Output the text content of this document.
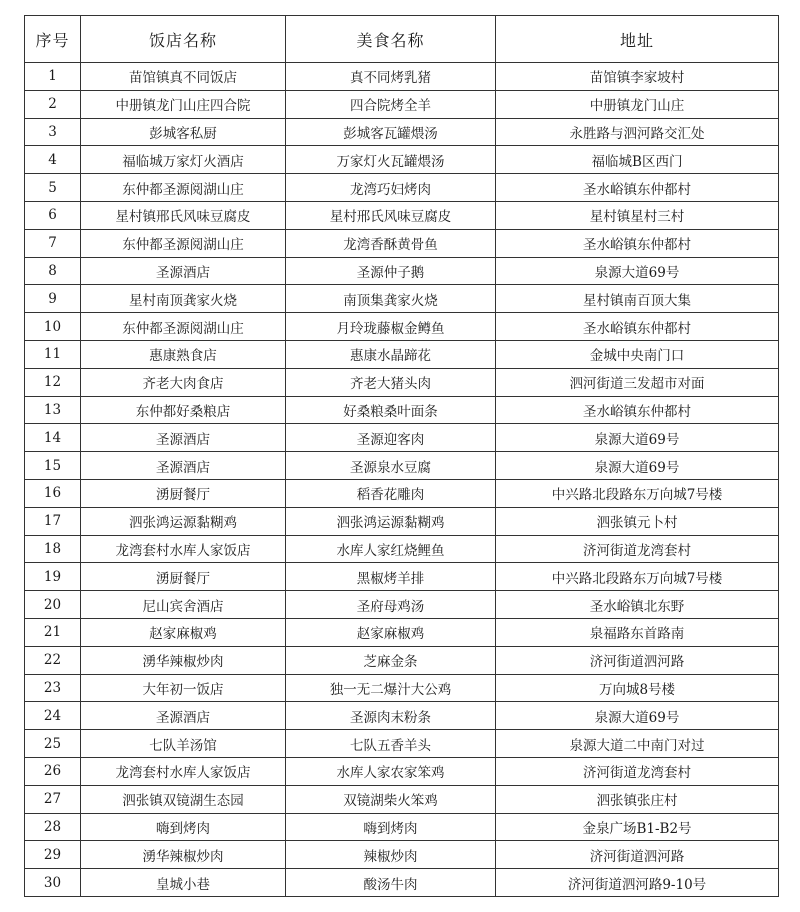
序号	饭店名称	美食名称	地址
1	苗馆镇真不同饭店	真不同烤乳猪	苗馆镇李家坡村
2	中册镇龙门山庄四合院	四合院烤全羊	中册镇龙门山庄
3	彭城客私厨	彭城客瓦罐煨汤	永胜路与泗河路交汇处
4	福临城万家灯火酒店	万家灯火瓦罐煨汤	福临城B区西门
5	东仲都圣源阅湖山庄	龙湾巧妇烤肉	圣水峪镇东仲都村
6	星村镇邢氏风味豆腐皮	星村邢氏风味豆腐皮	星村镇星村三村
7	东仲都圣源阅湖山庄	龙湾香酥黄骨鱼	圣水峪镇东仲都村
8	圣源酒店	圣源仲子鹅	泉源大道69号
9	星村南顶龚家火烧	南顶集龚家火烧	星村镇南百顶大集
10	东仲都圣源阅湖山庄	月玲珑藤椒金鳟鱼	圣水峪镇东仲都村
11	惠康熟食店	惠康水晶蹄花	金城中央南门口
12	齐老大肉食店	齐老大猪头肉	泗河街道三发超市对面
13	东仲都好桑粮店	好桑粮桑叶面条	圣水峪镇东仲都村
14	圣源酒店	圣源迎客肉	泉源大道69号
15	圣源酒店	圣源泉水豆腐	泉源大道69号
16	湧厨餐厅	稻香花雕肉	中兴路北段路东万向城7号楼
17	泗张鸿运源黏糊鸡	泗张鸿运源黏糊鸡	泗张镇元卜村
18	龙湾套村水库人家饭店	水库人家红烧鲤鱼	济河街道龙湾套村
19	湧厨餐厅	黑椒烤羊排	中兴路北段路东万向城7号楼
20	尼山宾舍酒店	圣府母鸡汤	圣水峪镇北东野
21	赵家麻椒鸡	赵家麻椒鸡	泉福路东首路南
22	湧华辣椒炒肉	芝麻金条	济河街道泗河路
23	大年初一饭店	独一无二爆汁大公鸡	万向城8号楼
24	圣源酒店	圣源肉末粉条	泉源大道69号
25	七队羊汤馆	七队五香羊头	泉源大道二中南门对过
26	龙湾套村水库人家饭店	水库人家农家笨鸡	济河街道龙湾套村
27	泗张镇双镜湖生态园	双镜湖柴火笨鸡	泗张镇张庄村
28	嗨到烤肉	嗨到烤肉	金泉广场B1-B2号
29	湧华辣椒炒肉	辣椒炒肉	济河街道泗河路
30	皇城小巷	酸汤牛肉	济河街道泗河路9-10号
